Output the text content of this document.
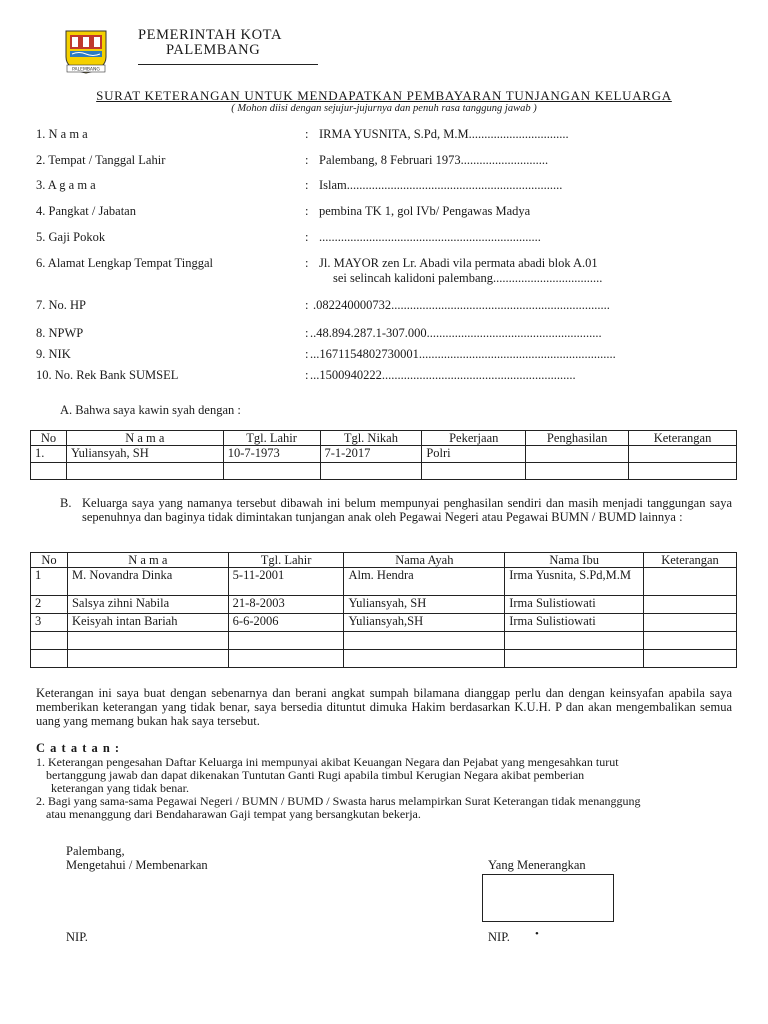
PALEMBANG
PEMERINTAH KOTA
PALEMBANG
SURAT KETERANGAN UNTUK MENDAPATKAN PEMBAYARAN TUNJANGAN KELUARGA
( Mohon diisi dengan sejujur-jujurnya dan penuh rasa tanggung jawab )
1. N a m a	: IRMA YUSNITA, S.Pd, M.M................................
2. Tempat / Tanggal Lahir	: Palembang, 8 Februari 1973............................
3. A g a m a	: Islam.....................................................................
4. Pangkat / Jabatan	: pembina TK 1, gol IVb/ Pengawas Madya
5. Gaji Pokok	: .......................................................................
6. Alamat Lengkap Tempat Tinggal	: Jl. MAYOR zen Lr. Abadi vila permata abadi blok A.01
sei selincah kalidoni palembang...................................
7. No. HP	: .082240000732......................................................................
8. NPWP	: ..48.894.287.1-307.000........................................................
9. NIK	: ...1671154802730001...............................................................
10. No. Rek Bank SUMSEL	: ...1500940222..............................................................
A. Bahwa saya kawin syah dengan :
No	N a m a	Tgl. Lahir	Tgl. Nikah	Pekerjaan	Penghasilan	Keterangan
1.	Yuliansyah, SH	10-7-1973	7-1-2017	Polri		

B. Keluarga saya yang namanya tersebut dibawah ini belum mempunyai penghasilan sendiri dan masih menjadi tanggungan saya sepenuhnya dan baginya tidak dimintakan tunjangan anak oleh Pegawai Negeri atau Pegawai BUMN / BUMD lainnya :
No	N a m a	Tgl. Lahir	Nama Ayah	Nama Ibu	Keterangan
1	M. Novandra Dinka	5-11-2001	Alm. Hendra	Irma Yusnita, S.Pd,M.M	
2	Salsya zihni Nabila	21-8-2003	Yuliansyah, SH	Irma Sulistiowati	
3	Keisyah intan Bariah	6-6-2006	Yuliansyah,SH	Irma Sulistiowati	

Keterangan ini saya buat dengan sebenarnya dan berani angkat sumpah bilamana dianggap perlu dan dengan keinsyafan apabila saya memberikan keterangan yang tidak benar, saya bersedia dituntut dimuka Hakim berdasarkan K.U.H. P dan akan mengembalikan semua uang yang memang bukan hak saya tersebut.
C a t a t a n :
1. Keterangan pengesahan Daftar Keluarga ini mempunyai akibat Keuangan Negara dan Pejabat yang mengesahkan turut
bertanggung jawab dan dapat dikenakan Tuntutan Ganti Rugi apabila timbul Kerugian Negara akibat pemberian
keterangan yang tidak benar.
2. Bagi yang sama-sama Pegawai Negeri / BUMN / BUMD / Swasta harus melampirkan Surat Keterangan tidak menanggung
atau menanggung dari Bendaharawan Gaji tempat yang bersangkutan bekerja.
Palembang,
Mengetahui / Membenarkan	Yang Menerangkan
NIP.	NIP. •
